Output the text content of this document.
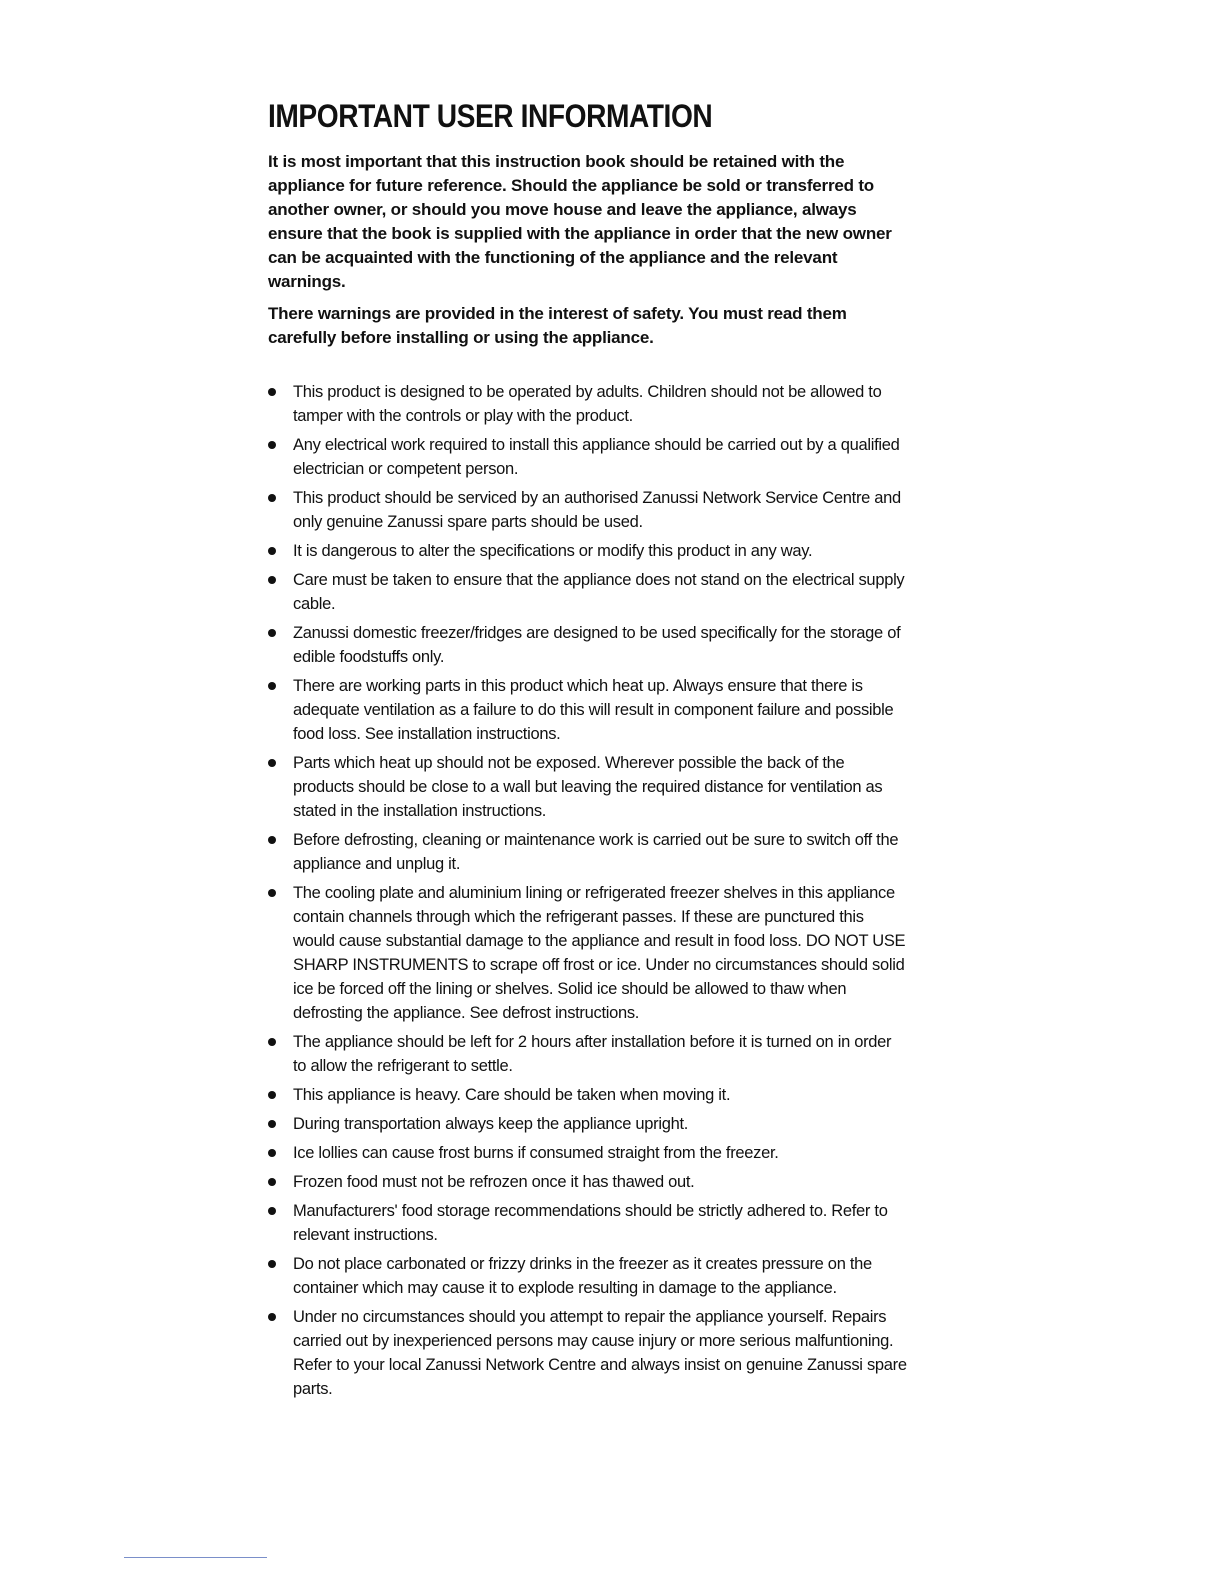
IMPORTANT USER INFORMATION

It is most important that this instruction book should be retained with the appliance for future reference. Should the appliance be sold or transferred to another owner, or should you move house and leave the appliance, always ensure that the book is supplied with the appliance in order that the new owner can be acquainted with the functioning of the appliance and the relevant warnings.

There warnings are provided in the interest of safety. You must read them carefully before installing or using the appliance.

This product is designed to be operated by adults. Children should not be allowed to tamper with the controls or play with the product.
Any electrical work required to install this appliance should be carried out by a qualified electrician or competent person.
This product should be serviced by an authorised Zanussi Network Service Centre and only genuine Zanussi spare parts should be used.
It is dangerous to alter the specifications or modify this product in any way.
Care must be taken to ensure that the appliance does not stand on the electrical supply cable.
Zanussi domestic freezer/fridges are designed to be used specifically for the storage of edible foodstuffs only.
There are working parts in this product which heat up. Always ensure that there is adequate ventilation as a failure to do this will result in component failure and possible food loss. See installation instructions.
Parts which heat up should not be exposed. Wherever possible the back of the products should be close to a wall but leaving the required distance for ventilation as stated in the installation instructions.
Before defrosting, cleaning or maintenance work is carried out be sure to switch off the appliance and unplug it.
The cooling plate and aluminium lining or refrigerated freezer shelves in this appliance contain channels through which the refrigerant passes. If these are punctured this would cause substantial damage to the appliance and result in food loss. DO NOT USE SHARP INSTRUMENTS to scrape off frost or ice. Under no circumstances should solid ice be forced off the lining or shelves. Solid ice should be allowed to thaw when defrosting the appliance. See defrost instructions.
The appliance should be left for 2 hours after installation before it is turned on in order to allow the refrigerant to settle.
This appliance is heavy. Care should be taken when moving it.
During transportation always keep the appliance upright.
Ice lollies can cause frost burns if consumed straight from the freezer.
Frozen food must not be refrozen once it has thawed out.
Manufacturers' food storage recommendations should be strictly adhered to. Refer to relevant instructions.
Do not place carbonated or frizzy drinks in the freezer as it creates pressure on the container which may cause it to explode resulting in damage to the appliance.
Under no circumstances should you attempt to repair the appliance yourself. Repairs carried out by inexperienced persons may cause injury or more serious malfuntioning. Refer to your local Zanussi Network Centre and always insist on genuine Zanussi spare parts.
